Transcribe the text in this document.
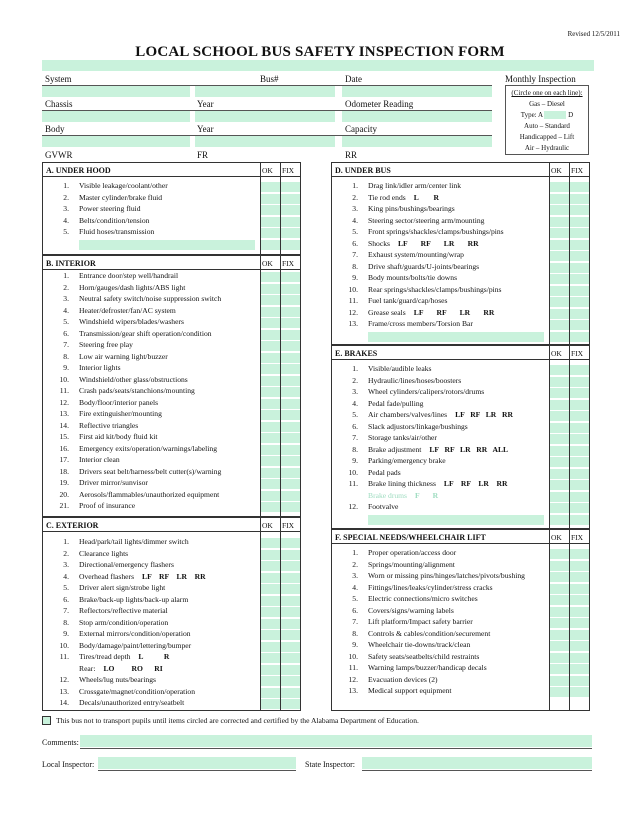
Revised 12/5/2011
LOCAL SCHOOL BUS SAFETY INSPECTION FORM
System	Bus#	Date
Chassis	Year	Odometer Reading
Body	Year	Capacity
GVWR	FR	RR
Monthly Inspection
(Circle one on each line):
Gas – Diesel
Type: A	D
Auto – Standard
Handicapped – Lift
Air – Hydraulic
A. UNDER HOOD	OK FIX
1. Visible leakage/coolant/other
2. Master cylinder/brake fluid
3. Power steering fluid
4. Belts/condition/tension
5. Fluid hoses/transmission
B. INTERIOR	OK FIX
1. Entrance door/step well/handrail
2. Horn/gauges/dash lights/ABS light
3. Neutral safety switch/noise suppression switch
4. Heater/defroster/fan/AC system
5. Windshield wipers/blades/washers
6. Transmission/gear shift operation/condition
7. Steering free play
8. Low air warning light/buzzer
9. Interior lights
10. Windshield/other glass/obstructions
11. Crash pads/seats/stanchions/mounting
12. Body/floor/interior panels
13. Fire extinguisher/mounting
14. Reflective triangles
15. First aid kit/body fluid kit
16. Emergency exits/operation/warnings/labeling
17. Interior clean
18. Drivers seat belt/harness/belt cutter(s)/warning
19. Driver mirror/sunvisor
20. Aerosols/flammables/unauthorized equipment
21. Proof of insurance
C. EXTERIOR	OK FIX
1. Head/park/tail lights/dimmer switch
2. Clearance lights
3. Directional/emergency flashers
4. Overhead flashers LF    RF    LR    RR
5. Driver alert sign/strobe light
6. Brake/back-up lights/back-up alarm
7. Reflectors/reflective material
8. Stop arm/condition/operation
9. External mirrors/condition/operation
10. Body/damage/paint/lettering/bumper
11. Tires/tread depth L           R
Rear: LO         RO      RI
12. Wheels/lug nuts/bearings
13. Crossgate/magnet/condition/operation
14. Decals/unauthorized entry/seatbelt
D. UNDER BUS	OK FIX
1. Drag link/idler arm/center link
2. Tie rod ends L        R
3. King pins/bushings/bearings
4. Steering sector/steering arm/mounting
5. Front springs/shackles/clamps/bushings/pins
6. Shocks LF       RF       LR       RR
7. Exhaust system/mounting/wrap
8. Drive shaft/guards/U-joints/bearings
9. Body mounts/bolts/tie downs
10. Rear springs/shackles/clamps/bushings/pins
11. Fuel tank/guard/cap/hoses
12. Grease seals LF       RF       LR       RR
13. Frame/cross members/Torsion Bar
E. BRAKES	OK FIX
1. Visible/audible leaks
2. Hydraulic/lines/hoses/boosters
3. Wheel cylinders/calipers/rotors/drums
4. Pedal fade/pulling
5. Air chambers/valves/lines LF   RF   LR   RR
6. Slack adjustors/linkage/bushings
7. Storage tanks/air/other
8. Brake adjustment LF   RF   LR   RR   ALL
9. Parking/emergency brake
10. Pedal pads
11. Brake lining thickness LF    RF    LR    RR
Brake drums F       R
12. Footvalve
F. SPECIAL NEEDS/WHEELCHAIR LIFT	OK FIX
1. Proper operation/access door
2. Springs/mounting/alignment
3. Worn or missing pins/hinges/latches/pivots/bushing
4. Fittings/lines/leaks/cylinder/stress cracks
5. Electric connections/micro switches
6. Covers/signs/warning labels
7. Lift platform/Impact safety barrier
8. Controls & cables/condition/securement
9. Wheelchair tie-downs/track/clean
10. Safety seats/seatbelts/child restraints
11. Warning lamps/buzzer/handicap decals
12. Evacuation devices (2)
13. Medical support equipment
This bus not to transport pupils until items circled are corrected and certified by the Alabama Department of Education.
Comments:
Local Inspector:	State Inspector:
